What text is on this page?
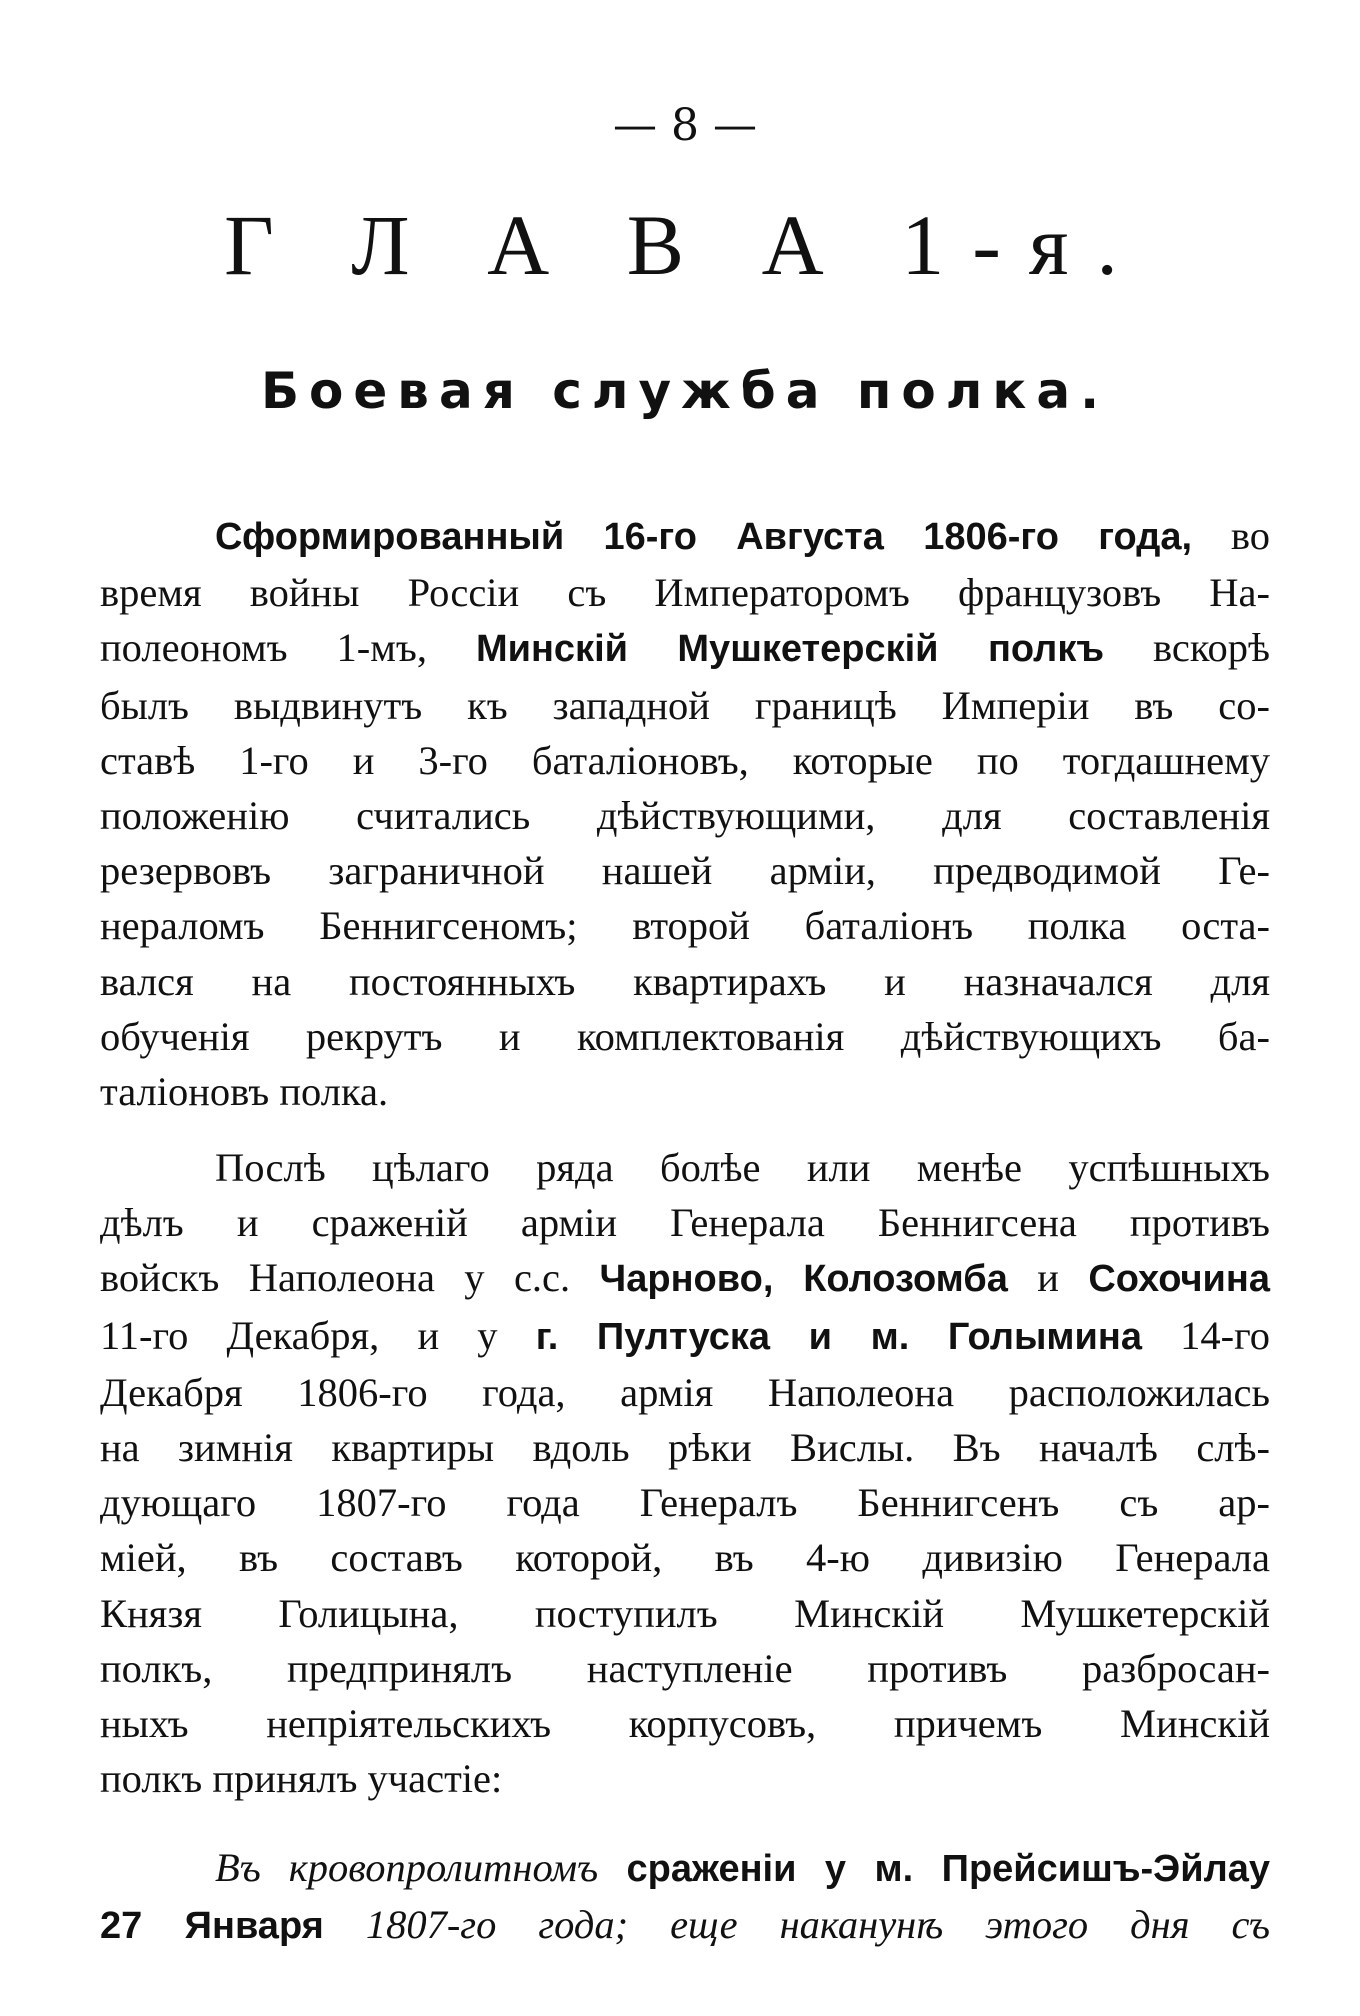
— 8 —
Г Л А В А 1-я.
Боевая служба полка.
Сформированный 16-го Августа 1806-го года, во
время войны Россіи съ Императоромъ французовъ На-
полеономъ 1-мъ, Минскій Мушкетерскій полкъ вскорѣ
былъ выдвинутъ къ западной границѣ Имперіи въ со-
ставѣ 1-го и 3-го баталіоновъ, которые по тогдашнему
положенію считались дѣйствующими, для составленія
резервовъ заграничной нашей арміи, предводимой Ге-
нераломъ Беннигсеномъ; второй баталіонъ полка оста-
вался на постоянныхъ квартирахъ и назначался для
обученія рекрутъ и комплектованія дѣйствующихъ ба-
таліоновъ полка.
Послѣ цѣлаго ряда болѣе или менѣе успѣшныхъ
дѣлъ и сраженій арміи Генерала Беннигсена противъ
войскъ Наполеона у с.с. Чарново, Колозомба и Сохочина
11-го Декабря, и у г. Пултуска и м. Голымина 14-го
Декабря 1806-го года, армія Наполеона расположилась
на зимнія квартиры вдоль рѣки Вислы. Въ началѣ слѣ-
дующаго 1807-го года Генералъ Беннигсенъ съ ар-
міей, въ составъ которой, въ 4-ю дивизію Генерала
Князя Голицына, поступилъ Минскій Мушкетерскій
полкъ, предпринялъ наступленіе противъ разбросан-
ныхъ непріятельскихъ корпусовъ, причемъ Минскій
полкъ принялъ участіе:
Въ кровопролитномъ сраженіи у м. Прейсишъ-Эйлау
27 Января 1807-го года; еще наканунѣ этого дня съ
